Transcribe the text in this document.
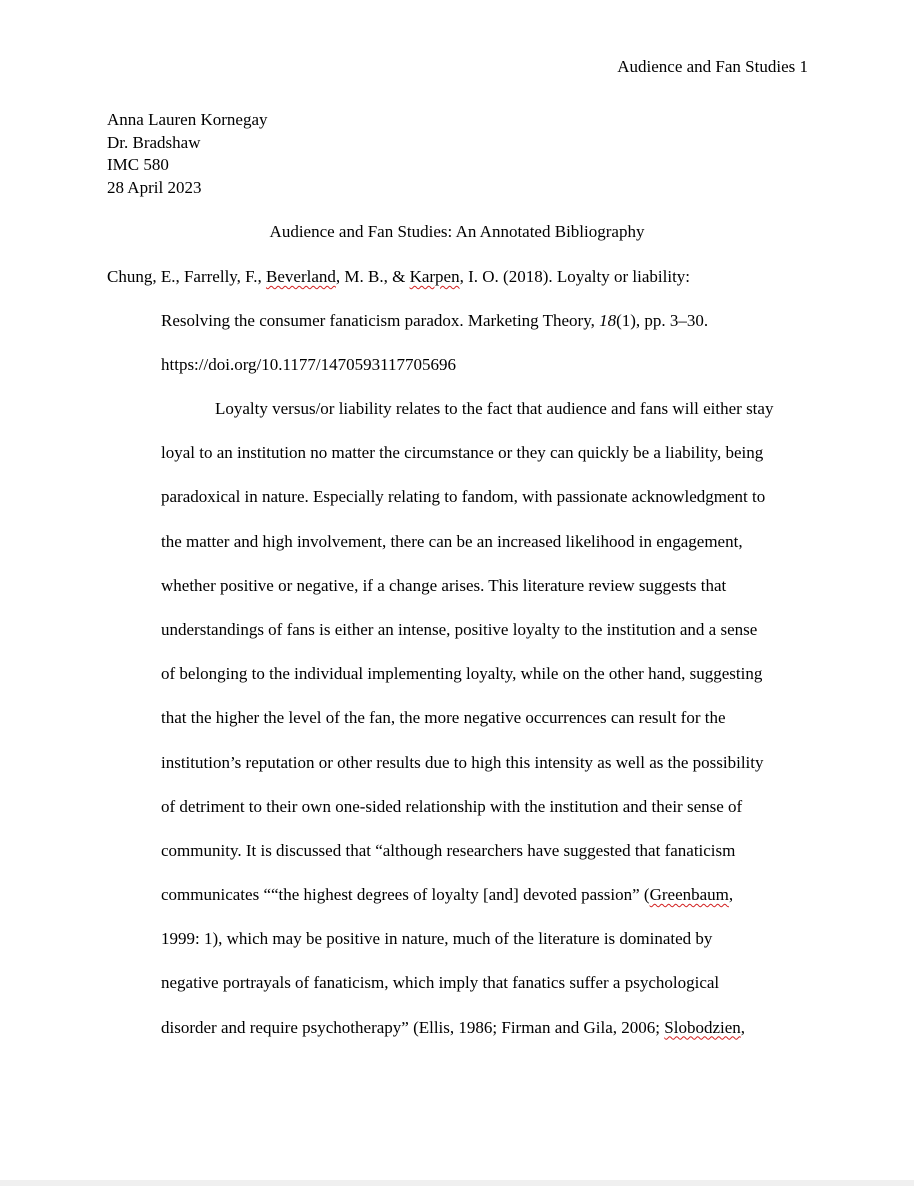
Audience and Fan Studies 1
Anna Lauren Kornegay
Dr. Bradshaw
IMC 580
28 April 2023
Audience and Fan Studies: An Annotated Bibliography
Chung, E., Farrelly, F., Beverland, M. B., & Karpen, I. O. (2018). Loyalty or liability:
Resolving the consumer fanaticism paradox. Marketing Theory, 18(1), pp. 3–30.
https://doi.org/10.1177/1470593117705696
Loyalty versus/or liability relates to the fact that audience and fans will either stay
loyal to an institution no matter the circumstance or they can quickly be a liability, being
paradoxical in nature. Especially relating to fandom, with passionate acknowledgment to
the matter and high involvement, there can be an increased likelihood in engagement,
whether positive or negative, if a change arises. This literature review suggests that
understandings of fans is either an intense, positive loyalty to the institution and a sense
of belonging to the individual implementing loyalty, while on the other hand, suggesting
that the higher the level of the fan, the more negative occurrences can result for the
institution’s reputation or other results due to high this intensity as well as the possibility
of detriment to their own one-sided relationship with the institution and their sense of
community. It is discussed that “although researchers have suggested that fanaticism
communicates ““the highest degrees of loyalty [and] devoted passion” (Greenbaum,
1999: 1), which may be positive in nature, much of the literature is dominated by
negative portrayals of fanaticism, which imply that fanatics suffer a psychological
disorder and require psychotherapy” (Ellis, 1986; Firman and Gila, 2006; Slobodzien,
